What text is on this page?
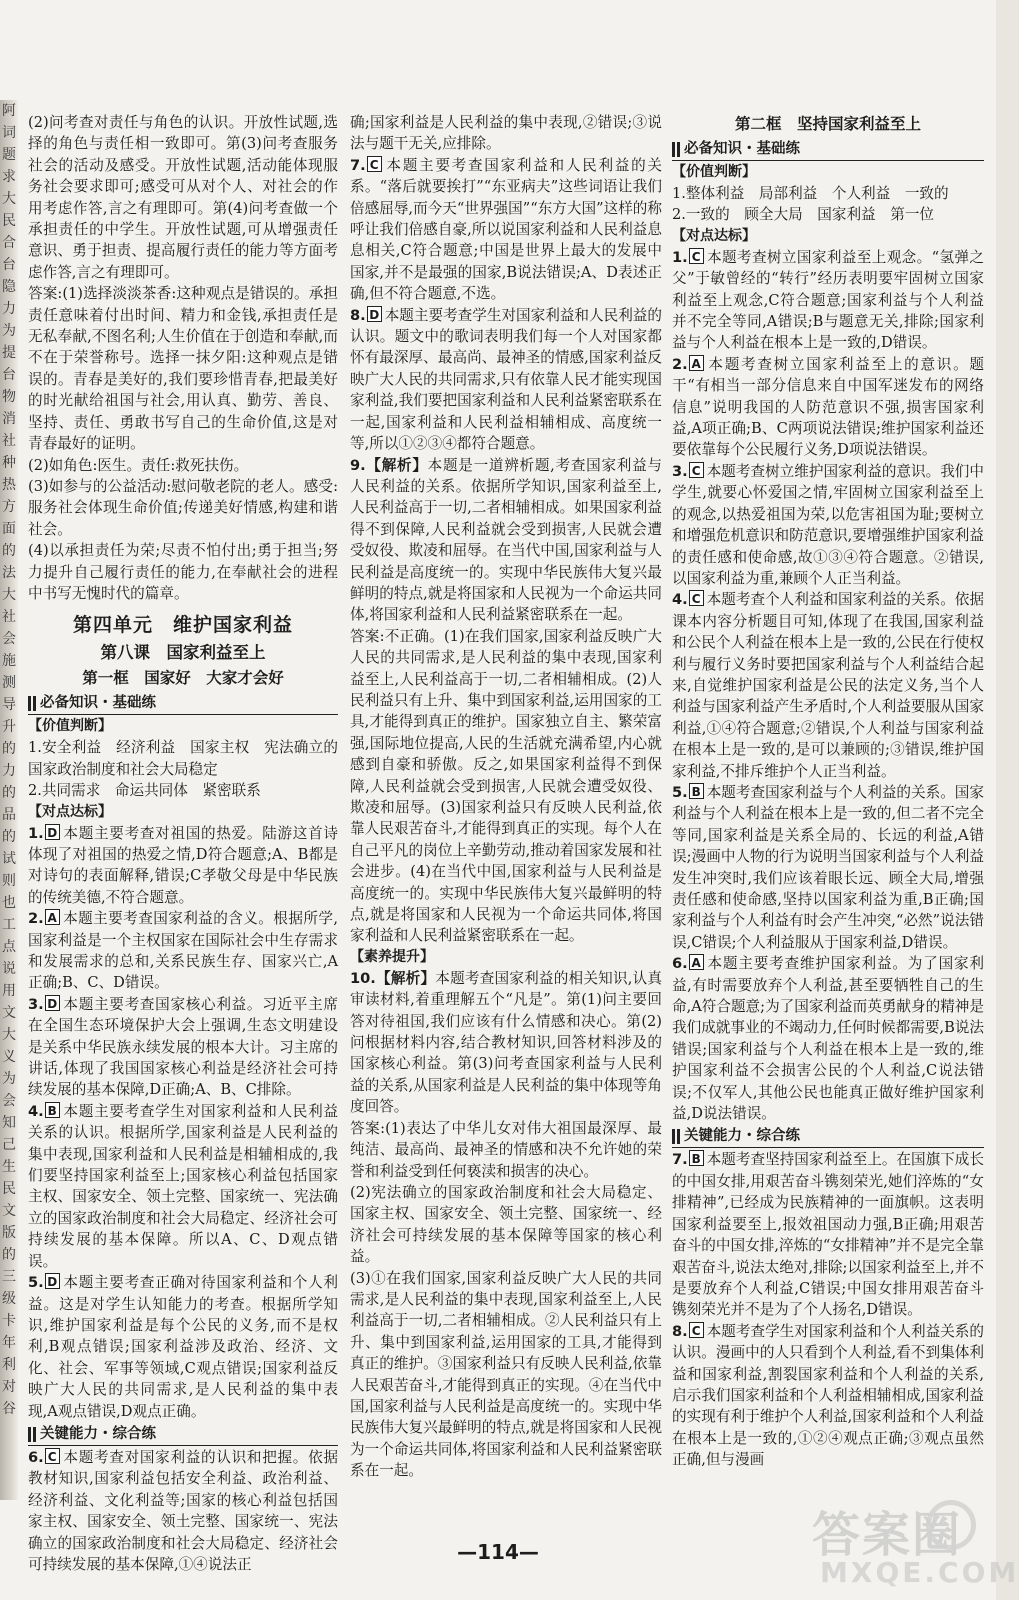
阿词题求大民合台隐力为提台物消社种热方面的法大社会施测导升的力的品的试则也工点说用文大义为会知己生民文版的三级卡年利对谷

(2)问考查对责任与角色的认识。开放性试题,选择的角色与责任相一致即可。第(3)问考查服务社会的活动及感受。开放性试题,活动能体现服务社会要求即可;感受可从对个人、对社会的作用考虑作答,言之有理即可。第(4)问考查做一个承担责任的中学生。开放性试题,可从增强责任意识、勇于担责、提高履行责任的能力等方面考虑作答,言之有理即可。

答案:(1)选择淡淡茶香:这种观点是错误的。承担责任意味着付出时间、精力和金钱,承担责任是无私奉献,不图名利;人生价值在于创造和奉献,而不在于荣誉称号。选择一抹夕阳:这种观点是错误的。青春是美好的,我们要珍惜青春,把最美好的时光献给祖国与社会,用认真、勤劳、善良、坚持、责任、勇敢书写自己的生命价值,这是对青春最好的证明。

(2)如角色:医生。责任:救死扶伤。

(3)如参与的公益活动:慰问敬老院的老人。感受:服务社会体现生命价值;传递美好情感,构建和谐社会。

(4)以承担责任为荣;尽责不怕付出;勇于担当;努力提升自己履行责任的能力,在奉献社会的进程中书写无愧时代的篇章。

第四单元　维护国家利益
第八课　国家利益至上
第一框　国家好　大家才会好
必备知识・基础练
【价值判断】

1.安全利益　经济利益　国家主权　宪法确立的国家政治制度和社会大局稳定

2.共同需求　命运共同体　紧密联系

【对点达标】

1. D 本题主要考查对祖国的热爱。陆游这首诗体现了对祖国的热爱之情,D符合题意;A、B都是对诗句的表面解释,错误;C孝敬父母是中华民族的传统美德,不符合题意。

2. A 本题主要考查国家利益的含义。根据所学,国家利益是一个主权国家在国际社会中生存需求和发展需求的总和,关系民族生存、国家兴亡,A正确;B、C、D错误。

3. D 本题主要考查国家核心利益。习近平主席在全国生态环境保护大会上强调,生态文明建设是关系中华民族永续发展的根本大计。习主席的讲话,体现了我国国家核心利益是经济社会可持续发展的基本保障,D正确;A、B、C排除。

4. B 本题主要考查学生对国家利益和人民利益关系的认识。根据所学,国家利益是人民利益的集中表现,国家利益和人民利益是相辅相成的,我们要坚持国家利益至上;国家核心利益包括国家主权、国家安全、领土完整、国家统一、宪法确立的国家政治制度和社会大局稳定、经济社会可持续发展的基本保障。所以A、C、D观点错误。

5. D 本题主要考查正确对待国家利益和个人利益。这是对学生认知能力的考查。根据所学知识,维护国家利益是每个公民的义务,而不是权利,B观点错误;国家利益涉及政治、经济、文化、社会、军事等领域,C观点错误;国家利益反映广大人民的共同需求,是人民利益的集中表现,A观点错误,D观点正确。

关键能力・综合练

6. C 本题考查对国家利益的认识和把握。依据教材知识,国家利益包括安全利益、政治利益、经济利益、文化利益等;国家的核心利益包括国家主权、国家安全、领土完整、国家统一、宪法确立的国家政治制度和社会大局稳定、经济社会可持续发展的基本保障,①④说法正

确;国家利益是人民利益的集中表现,②错误;③说法与题干无关,应排除。

7. C 本题主要考查国家利益和人民利益的关系。“落后就要挨打”“东亚病夫”这些词语让我们倍感屈辱,而今天“世界强国”“东方大国”这样的称呼让我们倍感自豪,所以说国家利益和人民利益息息相关,C符合题意;中国是世界上最大的发展中国家,并不是最强的国家,B说法错误;A、D表述正确,但不符合题意,不选。

8. D 本题主要考查学生对国家利益和人民利益的认识。题文中的歌词表明我们每一个人对国家都怀有最深厚、最高尚、最神圣的情感,国家利益反映广大人民的共同需求,只有依靠人民才能实现国家利益,我们要把国家利益和人民利益紧密联系在一起,国家利益和人民利益相辅相成、高度统一等,所以①②③④都符合题意。

9.【解析】本题是一道辨析题,考查国家利益与人民利益的关系。依据所学知识,国家利益至上,人民利益高于一切,二者相辅相成。如果国家利益得不到保障,人民利益就会受到损害,人民就会遭受奴役、欺凌和屈辱。在当代中国,国家利益与人民利益是高度统一的。实现中华民族伟大复兴最鲜明的特点,就是将国家和人民视为一个命运共同体,将国家利益和人民利益紧密联系在一起。

答案:不正确。(1)在我们国家,国家利益反映广大人民的共同需求,是人民利益的集中表现,国家利益至上,人民利益高于一切,二者相辅相成。(2)人民利益只有上升、集中到国家利益,运用国家的工具,才能得到真正的维护。国家独立自主、繁荣富强,国际地位提高,人民的生活就充满希望,内心就感到自豪和骄傲。反之,如果国家利益得不到保障,人民利益就会受到损害,人民就会遭受奴役、欺凌和屈辱。(3)国家利益只有反映人民利益,依靠人民艰苦奋斗,才能得到真正的实现。每个人在自己平凡的岗位上辛勤劳动,推动着国家发展和社会进步。(4)在当代中国,国家利益与人民利益是高度统一的。实现中华民族伟大复兴最鲜明的特点,就是将国家和人民视为一个命运共同体,将国家利益和人民利益紧密联系在一起。

【素养提升】

10.【解析】本题考查国家利益的相关知识,认真审读材料,着重理解五个“凡是”。第(1)问主要回答对待祖国,我们应该有什么情感和决心。第(2)问根据材料内容,结合教材知识,回答材料涉及的国家核心利益。第(3)问考查国家利益与人民利益的关系,从国家利益是人民利益的集中体现等角度回答。

答案:(1)表达了中华儿女对伟大祖国最深厚、最纯洁、最高尚、最神圣的情感和决不允许她的荣誉和利益受到任何亵渎和损害的决心。

(2)宪法确立的国家政治制度和社会大局稳定、国家主权、国家安全、领土完整、国家统一、经济社会可持续发展的基本保障等国家的核心利益。

(3)①在我们国家,国家利益反映广大人民的共同需求,是人民利益的集中表现,国家利益至上,人民利益高于一切,二者相辅相成。②人民利益只有上升、集中到国家利益,运用国家的工具,才能得到真正的维护。③国家利益只有反映人民利益,依靠人民艰苦奋斗,才能得到真正的实现。④在当代中国,国家利益与人民利益是高度统一的。实现中华民族伟大复兴最鲜明的特点,就是将国家和人民视为一个命运共同体,将国家利益和人民利益紧密联系在一起。

第二框　坚持国家利益至上
必备知识・基础练
【价值判断】

1.整体利益　局部利益　个人利益　一致的

2.一致的　顾全大局　国家利益　第一位

【对点达标】

1. C 本题考查树立国家利益至上观念。“氢弹之父”于敏曾经的“转行”经历表明要牢固树立国家利益至上观念,C符合题意;国家利益与个人利益并不完全等同,A错误;B与题意无关,排除;国家利益与个人利益在根本上是一致的,D错误。

2. A 本题考查树立国家利益至上的意识。题干“有相当一部分信息来自中国军迷发布的网络信息”说明我国的人防范意识不强,损害国家利益,A项正确;B、C两项说法错误;维护国家利益还要依靠每个公民履行义务,D项说法错误。

3. C 本题考查树立维护国家利益的意识。我们中学生,就要心怀爱国之情,牢固树立国家利益至上的观念,以热爱祖国为荣,以危害祖国为耻;要树立和增强危机意识和防范意识,要增强维护国家利益的责任感和使命感,故①③④符合题意。②错误,以国家利益为重,兼顾个人正当利益。

4. C 本题考查个人利益和国家利益的关系。依据课本内容分析题目可知,体现了在我国,国家利益和公民个人利益在根本上是一致的,公民在行使权利与履行义务时要把国家利益与个人利益结合起来,自觉维护国家利益是公民的法定义务,当个人利益与国家利益产生矛盾时,个人利益要服从国家利益,①④符合题意;②错误,个人利益与国家利益在根本上是一致的,是可以兼顾的;③错误,维护国家利益,不排斥维护个人正当利益。

5. B 本题考查国家利益与个人利益的关系。国家利益与个人利益在根本上是一致的,但二者不完全等同,国家利益是关系全局的、长远的利益,A错误;漫画中人物的行为说明当国家利益与个人利益发生冲突时,我们应该着眼长远、顾全大局,增强责任感和使命感,坚持以国家利益为重,B正确;国家利益与个人利益有时会产生冲突,“必然”说法错误,C错误;个人利益服从于国家利益,D错误。

6. A 本题主要考查维护国家利益。为了国家利益,有时需要放弃个人利益,甚至要牺牲自己的生命,A符合题意;为了国家利益而英勇献身的精神是我们成就事业的不竭动力,任何时候都需要,B说法错误;国家利益与个人利益在根本上是一致的,维护国家利益不会损害公民的个人利益,C说法错误;不仅军人,其他公民也能真正做好维护国家利益,D说法错误。

关键能力・综合练

7. B 本题考查坚持国家利益至上。在国旗下成长的中国女排,用艰苦奋斗镌刻荣光,她们淬炼的“女排精神”,已经成为民族精神的一面旗帜。这表明国家利益要至上,报效祖国动力强,B正确;用艰苦奋斗的中国女排,淬炼的“女排精神”并不是完全靠艰苦奋斗,说法太绝对,排除;以国家利益至上,并不是要放弃个人利益,C错误;中国女排用艰苦奋斗镌刻荣光并不是为了个人扬名,D错误。

8. C 本题考查学生对国家利益和个人利益关系的认识。漫画中的人只看到个人利益,看不到集体利益和国家利益,割裂国家利益和个人利益的关系,启示我们国家利益和个人利益相辅相成,国家利益的实现有利于维护个人利益,国家利益和个人利益在根本上是一致的,①②④观点正确;③观点虽然正确,但与漫画

—114—	答案圈
MXQE.COM
